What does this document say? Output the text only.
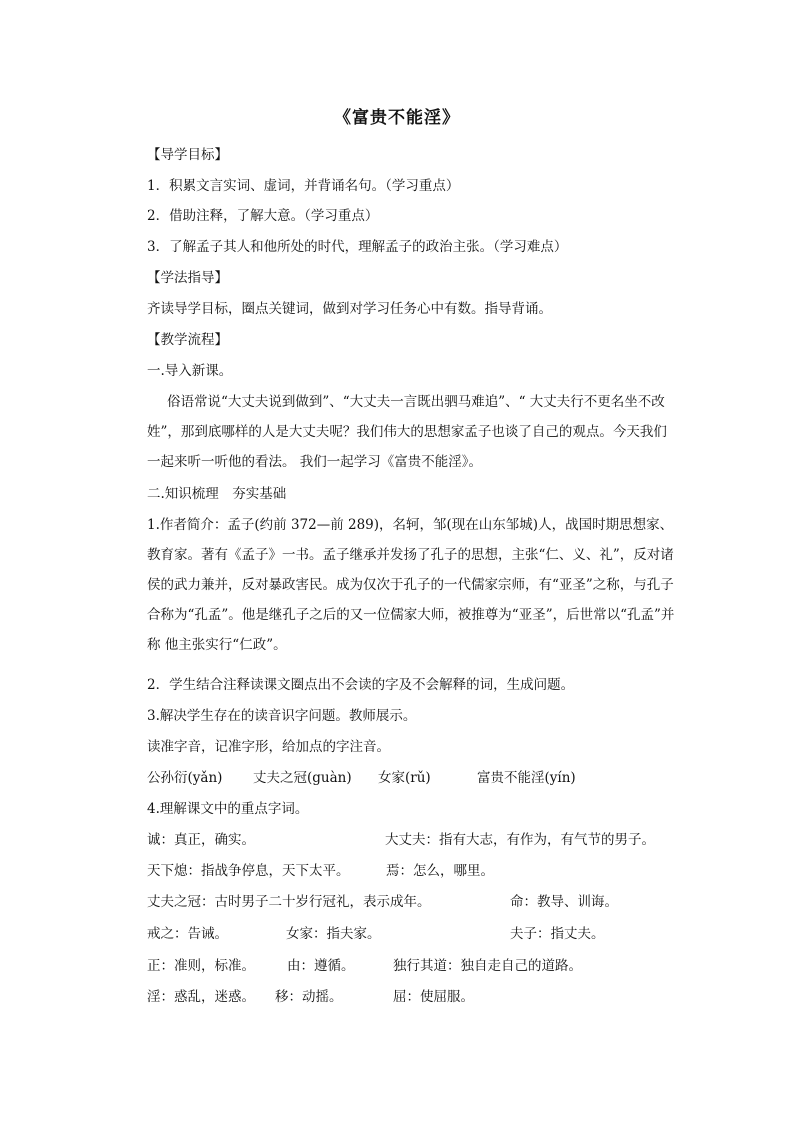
《富贵不能淫》
【导学目标】
1．积累文言实词、虚词，并背诵名句。（学习重点）
2．借助注释，了解大意。（学习重点）
3．了解孟子其人和他所处的时代，理解孟子的政治主张。（学习难点）
【学法指导】
齐读导学目标，圈点关键词，做到对学习任务心中有数。指导背诵。
【教学流程】
一.导入新课。
俗语常说“大丈夫说到做到”、“大丈夫一言既出驷马难追”、“ 大丈夫行不更名坐不改姓”，那到底哪样的人是大丈夫呢？我们伟大的思想家孟子也谈了自己的观点。今天我们一起来听一听他的看法。 我们一起学习《富贵不能淫》。
二.知识梳理　夯实基础
1.作者简介：孟子(约前 372—前 289)，名轲，邹(现在山东邹城)人，战国时期思想家、教育家。著有《孟子》一书。孟子继承并发扬了孔子的思想，主张“仁、义、礼”，反对诸侯的武力兼并，反对暴政害民。成为仅次于孔子的一代儒家宗师，有“亚圣”之称，与孔子合称为“孔孟”。他是继孔子之后的又一位儒家大师，被推尊为“亚圣”，后世常以“孔孟”并称 他主张实行“仁政”。
2．学生结合注释读课文圈点出不会读的字及不会解释的词，生成问题。
3.解决学生存在的读音识字问题。教师展示。
读准字音，记准字形，给加点的字注音。
公孙衍(yǎn) 丈夫之冠(guàn) 女家(rǔ)	富贵不能淫(yín)
4.理解课文中的重点字词。
诚：真正，确实。	大丈夫：指有大志，有作为，有气节的男子。
天下熄：指战争停息，天下太平。	焉：怎么，哪里。
丈夫之冠：古时男子二十岁行冠礼，表示成年。	命：教导、训诲。
戒之：告诫。	女家：指夫家。	夫子：指丈夫。
正：准则，标准。 由：遵循。	独行其道：独自走自己的道路。
淫：惑乱，迷惑。 移：动摇。	屈：使屈服。
